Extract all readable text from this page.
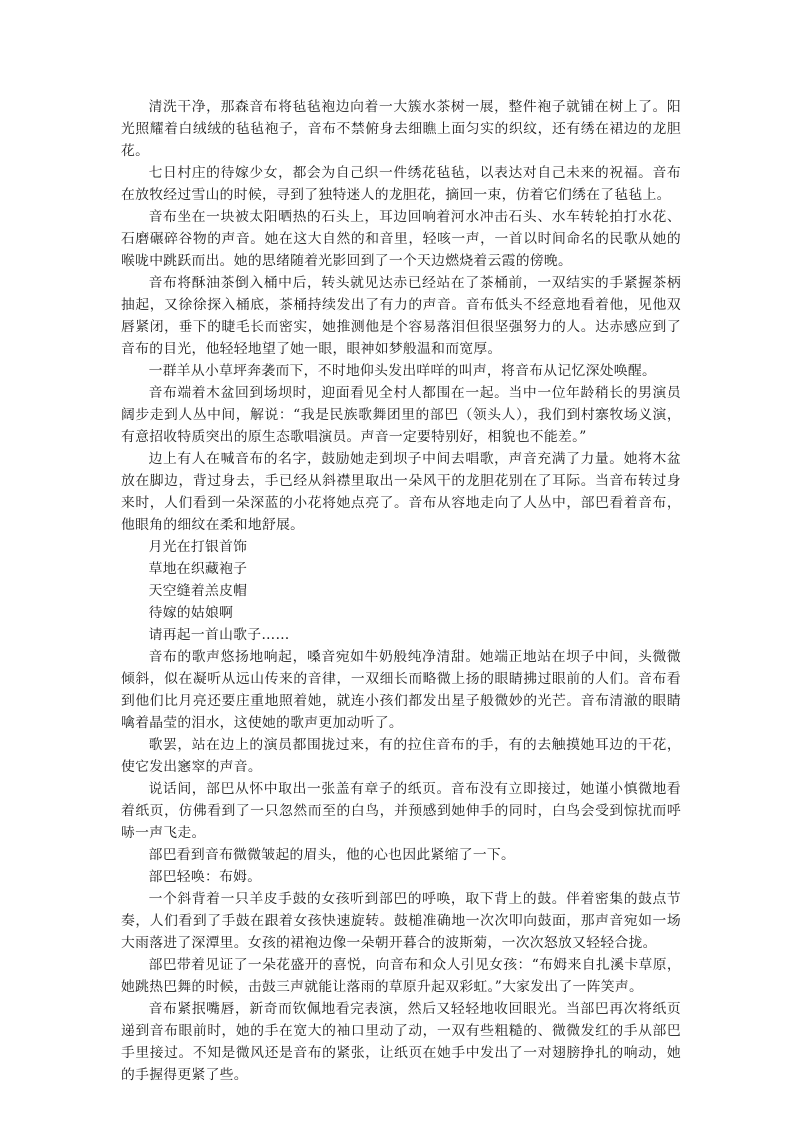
清洗干净，那森音布将毡毡袍边向着一大簇水茶树一展，整件袍子就铺在树上了。阳光照耀着白绒绒的毡毡袍子，音布不禁俯身去细瞧上面匀实的织纹，还有绣在裙边的龙胆花。

七日村庄的待嫁少女，都会为自己织一件绣花毡毡，以表达对自己未来的祝福。音布在放牧经过雪山的时候，寻到了独特迷人的龙胆花，摘回一束，仿着它们绣在了毡毡上。

音布坐在一块被太阳晒热的石头上，耳边回响着河水冲击石头、水车转轮拍打水花、石磨碾碎谷物的声音。她在这大自然的和音里，轻咳一声，一首以时间命名的民歌从她的喉咙中跳跃而出。她的思绪随着光影回到了一个天边燃烧着云霞的傍晚。

音布将酥油茶倒入桶中后，转头就见达赤已经站在了茶桶前，一双结实的手紧握茶柄抽起，又徐徐探入桶底，茶桶持续发出了有力的声音。音布低头不经意地看着他，见他双唇紧闭，垂下的睫毛长而密实，她推测他是个容易落泪但很坚强努力的人。达赤感应到了音布的目光，他轻轻地望了她一眼，眼神如梦般温和而宽厚。

一群羊从小草坪奔袭而下，不时地仰头发出咩咩的叫声，将音布从记忆深处唤醒。

音布端着木盆回到场坝时，迎面看见全村人都围在一起。当中一位年龄稍长的男演员阔步走到人丛中间，解说：“我是民族歌舞团里的部巴（领头人），我们到村寨牧场义演，有意招收特质突出的原生态歌唱演员。声音一定要特别好，相貌也不能差。”

边上有人在喊音布的名字，鼓励她走到坝子中间去唱歌，声音充满了力量。她将木盆放在脚边，背过身去，手已经从斜襟里取出一朵风干的龙胆花别在了耳际。当音布转过身来时，人们看到一朵深蓝的小花将她点亮了。音布从容地走向了人丛中，部巴看着音布，他眼角的细纹在柔和地舒展。

月光在打银首饰

草地在织藏袍子

天空缝着羔皮帽

待嫁的姑娘啊

请再起一首山歌子……

音布的歌声悠扬地响起，嗓音宛如牛奶般纯净清甜。她端正地站在坝子中间，头微微倾斜，似在凝听从远山传来的音律，一双细长而略微上扬的眼睛拂过眼前的人们。音布看到他们比月亮还要庄重地照着她，就连小孩们都发出星子般微妙的光芒。音布清澈的眼睛噙着晶莹的泪水，这使她的歌声更加动听了。

歌罢，站在边上的演员都围拢过来，有的拉住音布的手，有的去触摸她耳边的干花，使它发出窸窣的声音。

说话间，部巴从怀中取出一张盖有章子的纸页。音布没有立即接过，她谨小慎微地看着纸页，仿佛看到了一只忽然而至的白鸟，并预感到她伸手的同时，白鸟会受到惊扰而呼哧一声飞走。

部巴看到音布微微皱起的眉头，他的心也因此紧缩了一下。

部巴轻唤：布姆。

一个斜背着一只羊皮手鼓的女孩听到部巴的呼唤，取下背上的鼓。伴着密集的鼓点节奏，人们看到了手鼓在跟着女孩快速旋转。鼓槌准确地一次次叩向鼓面，那声音宛如一场大雨落进了深潭里。女孩的裙袍边像一朵朝开暮合的波斯菊，一次次怒放又轻轻合拢。

部巴带着见证了一朵花盛开的喜悦，向音布和众人引见女孩：“布姆来自扎溪卡草原，她跳热巴舞的时候，击鼓三声就能让落雨的草原升起双彩虹。”大家发出了一阵笑声。

音布紧抿嘴唇，新奇而钦佩地看完表演，然后又轻轻地收回眼光。当部巴再次将纸页递到音布眼前时，她的手在宽大的袖口里动了动，一双有些粗糙的、微微发红的手从部巴手里接过。不知是微风还是音布的紧张，让纸页在她手中发出了一对翅膀挣扎的响动，她的手握得更紧了些。
